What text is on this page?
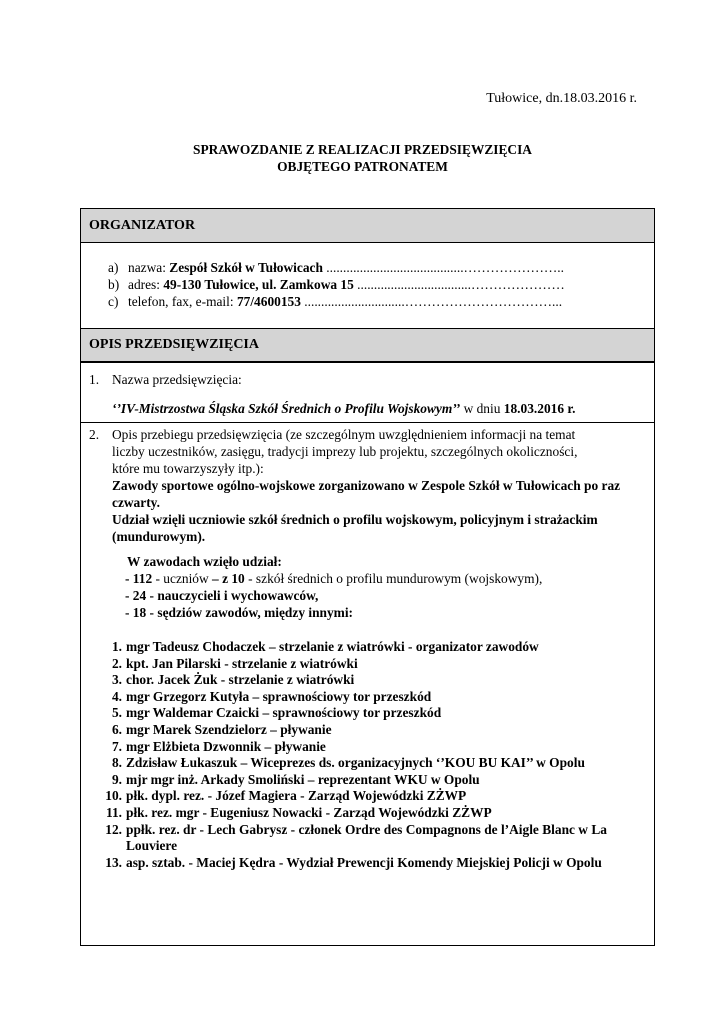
Tułowice, dn.18.03.2016 r.
SPRAWOZDANIE Z REALIZACJI PRZEDSIĘWZIĘCIA
OBJĘTEGO PATRONATEM
ORGANIZATOR
a) nazwa: Zespół Szkół w Tułowicach .........................................…………………..
b) adres: 49-130 Tułowice, ul. Zamkowa 15 ..................................…………………
c) telefon, fax, e-mail: 77/4600153 ..............................……………………………...
OPIS PRZEDSIĘWZIĘCIA
1. Nazwa przedsięwzięcia:
‘’IV-Mistrzostwa Śląska Szkół Średnich o Profilu Wojskowym’’ w dniu 18.03.2016 r.
2. Opis przebiegu przedsięwzięcia (ze szczególnym uwzględnieniem informacji na temat
liczby uczestników, zasięgu, tradycji imprezy lub projektu, szczególnych okoliczności,
które mu towarzyszyły itp.):
Zawody sportowe ogólno-wojskowe zorganizowano w Zespole Szkół w Tułowicach po raz czwarty.
Udział wzięli uczniowie szkół średnich o profilu wojskowym, policyjnym i strażackim (mundurowym).
W zawodach wzięło udział:
- 112 - uczniów – z 10 - szkół średnich o profilu mundurowym (wojskowym),
- 24 - nauczycieli i wychowawców,
- 18 - sędziów zawodów, między innymi:
1. mgr Tadeusz Chodaczek – strzelanie z wiatrówki - organizator zawodów
2. kpt. Jan Pilarski - strzelanie z wiatrówki
3. chor. Jacek Żuk - strzelanie z wiatrówki
4. mgr Grzegorz Kutyła – sprawnościowy tor przeszkód
5. mgr Waldemar Czaicki – sprawnościowy tor przeszkód
6. mgr Marek Szendzielorz – pływanie
7. mgr Elżbieta Dzwonnik – pływanie
8. Zdzisław Łukaszuk – Wiceprezes ds. organizacyjnych ‘’KOU BU KAI’’ w Opolu
9. mjr mgr inż. Arkady Smoliński – reprezentant WKU w Opolu
10. płk. dypl. rez. - Józef Magiera - Zarząd Wojewódzki ZŻWP
11. płk. rez. mgr - Eugeniusz Nowacki - Zarząd Wojewódzki ZŻWP
12. ppłk. rez. dr - Lech Gabrysz - członek Ordre des Compagnons de l’Aigle Blanc w La Louviere
13. asp. sztab. - Maciej Kędra - Wydział Prewencji Komendy Miejskiej Policji w Opolu
